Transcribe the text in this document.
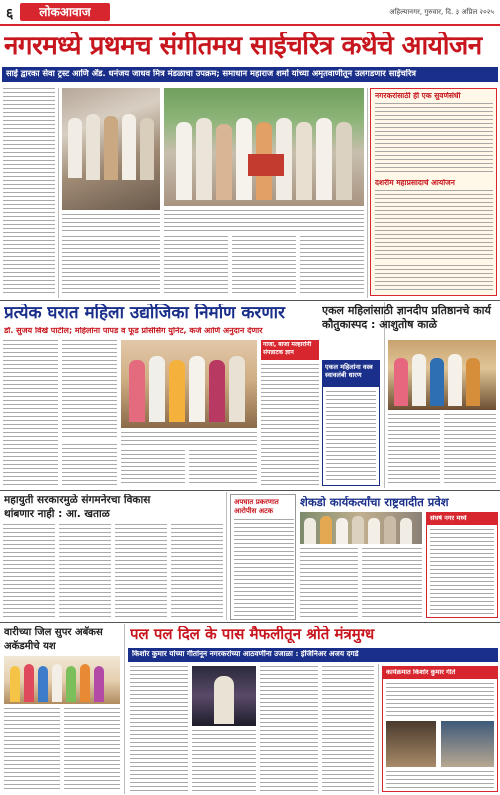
६	लोकआवाज	अहिल्यानगर, गुरुवार, दि. ३ अप्रिल २०२५
नगरमध्ये प्रथमच संगीतमय साईचरित्र कथेचे आयोजन
साई द्वारका सेवा ट्रस्ट आणि ॲड. धनंजय जाधव मित्र मंडळाचा उपक्रम; समाधान महाराज शर्मा यांच्या अमृतवाणीतून उलगडणार साईचरित्र
नगरकरांसाठी ही एक सुवर्णसंधी
दशरीम महाप्रसादाचे आयोजन
प्रत्येक घरात महिला उद्योजिका निर्माण करणार
डॉ. सुजय विखे पाटील; महिलांना पापड व फूड प्रोसेसिंग युनिट, कर्ज आणि अनुदान देणार
गाजा, बाजा मल्हारांनी संपन्नाटक ज्ञान
एकल महिलांना वस्त्र स्वावलंबी धारण
एकल महिलांसाठी ज्ञानदीप प्रतिष्ठानचे कार्य कौतुकास्पद : आशुतोष काळे
महायुती सरकारमुळे संगमनेरचा विकास थांबणार नाही : आ. खताळ
अपघात प्रकरणात आरोपीस अटक
शेकडो कार्यकर्त्यांचा राष्ट्रवादीत प्रवेश
संघर्ष नगर मध्ये
वारीच्या जिल सुपर अबॅकस अकॅडमीचे यश
पल पल दिल के पास मैफलीतून श्रोते मंत्रमुग्ध
किशोर कुमार यांच्या गीतांनून नगरकरांच्या आठवणींना उजाळा : इंजिनिअर अजय दगडे
कार्यक्रमात किशोर कुमार गीते
